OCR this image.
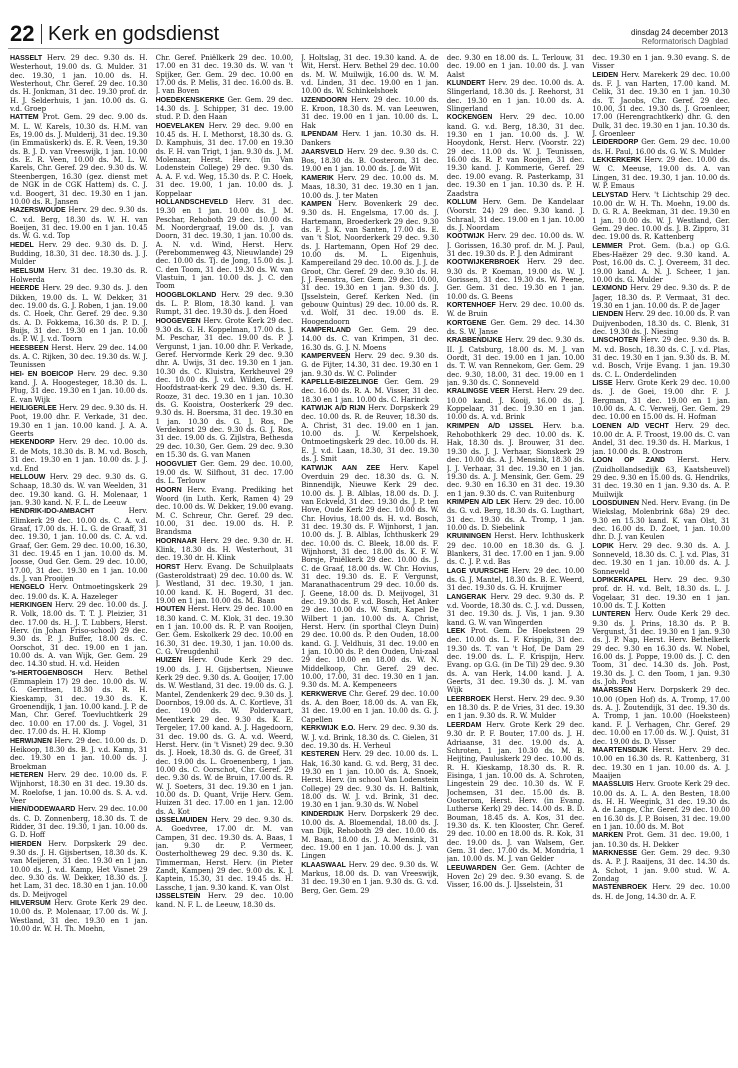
22 Kerk en godsdienst	dinsdag 24 december 2013
Reformatorisch Dagblad

HASSELT Herv. 29 dec. 9.30 ds. H. Westerhout, 19.00 ds. G. Mulder. 31 dec. 19.30, 1 jan. 10.00 ds. H. Westerhout, Chr. Geref. 29 dec. 10.30 ds. H. Jonkman, 31 dec. 19.30 prof. dr. H. J. Selderhuis, 1 jan. 10.00 ds. G. v.d. Groep

HATTEM Prot. Gem. 29 dec. 9.00 ds. M. L. W. Karels, 10.30 ds. H.M. van Es, 19.00 ds. J. Mulderij, 31 dec. 19.30 (in Emmaüskerk) ds. E. R. Veen, 19.30 ds. B. J. D. van Vreeswijk, 1 jan. 10.00 ds. E. R. Veen, 10.00 ds. M. L. W. Karels, Chr. Geref. 29 dec. 9.30 ds. W. Steenbergen, 16.30 (gez. dienst met de NGK in de CGK Hattem) ds. C. J. v.d. Boogert, 31 dec. 19.30 en 1 jan. 10.00 ds. R. Jansen

HAZERSWOUDE Herv. 29 dec. 9.30 ds. C. v.d. Berg, 18.30 ds. W. H. van Boeijen, 31 dec. 19.00 en 1 jan. 10.45 ds. W. G. v.d. Top

HEDEL Herv. 29 dec. 9.30 ds. D. J. Budding, 18.30, 31 dec. 18.30 ds. J. J. Mulder

HEELSUM Herv. 31 dec. 19.30 ds. R. Holwerda

HEERDE Herv. 29 dec. 9.30 ds. J. den Dikken, 19.00 ds. L. W. Dekker, 31 dec. 19.00 ds. G. J. Roben, 1 jan. 19.00 ds. C. Hoek, Chr. Geref. 29 dec. 9.30 ds. A. D. Fokkema, 16.30 ds. P. D. J. Buijs, 31 dec. 19.30 en 1 jan. 10.00 ds. P. W. J. v.d. Toorn

HEESBEEN Herst. Herv. 29 dec. 14.00 ds. A. C. Rijken, 30 dec. 19.30 ds. W. J. Teunissen

HEI- EN BOEICOP Herv. 29 dec. 9.30 kand. J. A. Hoogesteger, 18.30 ds. L. Plug, 31 dec. 19.30 en 1 jan. 10.00 ds. E. van Wijk

HEILIGERLEE Herv. 29 dec. 9.30 ds. H. Poot, 19.00 dhr. F. Verkade, 31 dec. 19.30 en 1 jan. 10.00 kand. J. A. A. Geerts

HEKENDORP Herv. 29 dec. 10.00 ds. E. de Mots, 18.30 ds. B. M. v.d. Bosch, 31 dec. 19.30 en 1 jan. 10.00 ds. J. J. v.d. End

HELLOUW Herv. 29 dec. 9.30 ds. G. Schaap, 18.30 ds. W. van Weelden, 31 dec. 19.30 kand. G. H. Molenaar, 1 jan. 9.30 kand. N. F. L. de Leeuw

HENDRIK-IDO-AMBACHT	Herv. Elimkerk 29 dec. 10.00 ds. C. A. v.d. Graaf, 17.00 ds. H. L. G. de Graaff, 31 dec. 19.30, 1 jan. 10.00 ds. C. A. v.d. Graaf, Ger. Gem. 29 dec. 10.00, 16.30, 31 dec. 19.45 en 1 jan. 10.00 ds. M. Joosse, Oud Ger. Gem. 29 dec. 10.00, 17.00, 31 dec. 19.30 en 1 jan. 10.00 ds. J. van Prooijen

HENGELO Herv. Ontmoetingskerk 29 dec. 19.00 ds. K. A. Hazeleger

HERKINGEN Herv. 29 dec. 10.00 ds. J. R. Volk, 18.00 ds. T. T. J. Pleizier, 31 dec. 17.00 ds. H. J. T. Lubbers, Herst. Herv. (in Johan Friso-school) 29 dec. 9.30 ds. P. J. Buffer, 18.00 ds. C. Oorschot, 31 dec. 19.00 en 1 jan. 10.00 ds. A. van Wijk, Ger. Gem. 29 dec. 14.30 stud. H. v.d. Heiden

's-HERTOGENBOSCH Herv. Bethel (Emmaplein 17) 29 dec. 10.00 ds. W. G. Gerritsen, 18.30 ds. R. H. Kieskamp, 31 dec. 19.30 ds. K. Groenendijk, 1 jan. 10.00 kand. J. P. de Man, Chr. Geref. Toevluchtkerk 29 dec. 10.00 en 17.00 ds. J. Vogel, 31 dec. 17.00 ds. H. H. Klomp

HERWIJNEN Herv. 29 dec. 10.00 ds. D. Heikoop, 18.30 ds. B. J. v.d. Kamp, 31 dec. 19.30 en 1 jan. 10.00 ds. J. Broekman

HETEREN Herv. 29 dec. 10.00 ds. F. Wijnhorst, 18.30 en 31 dec. 19.30 ds. M. Roelofse, 1 jan. 10.00 ds. S. A. v.d. Veer

HIEN/DODEWAARD Herv. 29 dec. 10.00 ds. C. D. Zonnenberg, 18.30 ds. T. de Ridder, 31 dec. 19.30, 1 jan. 10.00 ds. G. D. Hoff

HIERDEN Herv. Dorpskerk 29 dec. 9.30 ds. J. H. Gijsbertsen, 18.30 ds. K. van Meijeren, 31 dec. 19.30 en 1 jan. 10.00 ds. J. v.d. Kamp, Het Visnet 29 dec. 9.30 ds. W. Dekker, 18.30 ds. J. het Lam, 31 dec. 18.30 en 1 jan. 10.00 ds. D. Meijvogel

HILVERSUM Herv. Grote Kerk 29 dec. 10.00 ds. P. Molenaar, 17.00 ds. W. J. Westland, 31 dec. 19.30 en 1 jan. 10.00 dr. W. H. Th. Moehn,

Chr. Geref. Pniëlkerk 29 dec. 10.00, 17.00 en 31 dec. 19.30 ds. W. van 't Spijker, Ger. Gem. 29 dec. 10.00 en 17.00 ds. P. Melis, 31 dec. 16.00 ds. B. J. van Boven

HOEDEKENSKERKE Ger. Gem. 29 dec. 14.30 ds. J. Schipper, 31 dec. 19.00 stud. P. D. den Haan

HOEVELAKEN Herv. 29 dec. 9.00 en 10.45 ds. H. I. Methorst, 18.30 ds. G. D. Kamphuis, 31 dec. 17.00 en 19.30 ds. F. H. van Trigt, 1 jan. 9.30 ds. J. M. Molenaar, Herst. Herv. (in Van Lodenstein College) 29 dec. 9.30 ds. A. A. F. v.d. Weg, 15.30 ds. P. C. Hoek, 31 dec. 19.00, 1 jan. 10.00 ds. J. Koppelaar

HOLLANDSCHEVELD Herv. 31 dec. 19.30 en 1 jan. 10.00 ds. J. M. Peschar, Rehoboth 29 dec. 10.00 ds. M. Noordergraaf, 19.00 ds. J. van Doorn, 31 dec. 19.30, 1 jan. 10.00 ds. A. N. v.d. Wind, Herst. Herv. (Perebommenweg 43, Nieuwlande) 29 dec. 10.00 ds. Tj. de Jong, 15.00 ds. J. C. den Toom, 31 dec. 19.30 ds. W. van Vlastuin, 1 jan. 10.00 ds. J. C. den Toom

HOOGBLOKLAND Herv. 29 dec. 9.30 ds. L. P. Blom, 18.30 kand. J. van Rumpt, 31 dec. 19.30 ds. J. den Hoed

HOOGEVEEN Herv. Grote Kerk 29 dec. 9.30 ds. G. H. Koppelman, 17.00 ds. J. M. Peschar, 31 dec. 19.00 ds. P. J. Vergunst, 1 jan. 10.00 dhr. F. Verkade, Geref. Hervormde Kerk 29 dec. 9.30 dhr. A. Uwijs, 31 dec. 19.30 en 1 jan. 10.30 ds. C. Kluistra, Kerkheuvel 29 dec. 10.00 ds. J. v.d. Wilden, Geref. Hoofdstraat-kerk 29 dec. 9.30 ds. H. Rooze, 31 dec. 19.30 en 1 jan. 10.30 ds. G. Kooistra, Oosterkerk 29 dec. 9.30 ds. H. Boersma, 31 dec. 19.30 en 1 jan. 10.30 ds. G. J. Ros, De Verdekorst 29 dec. 9.30 ds. G. J. Ros, 31 dec. 19.00 ds. G. Zijlstra, Bethesda 29 dec. 10.30, Ger. Gem. 29 dec. 9.30 en 15.30 ds. G. van Manen

HOOGVLIET Ger. Gem. 29 dec. 10.00, 19.00 ds. W. Silfhout, 31 dec. 17.00 ds. L. Terlouw

HOORN Herv. Evang. Prediking het Woord (in Luth. Kerk, Ramen 4) 29 dec. 10.00 ds. W. Dekker, 19.00 evang. M. C. Schreur, Chr. Geref. 29 dec. 10.00, 31 dec. 19.00 ds. H. P. Brandsma

HOORNAAR Herv. 29 dec. 9.30 dr. H. Klink, 18.30 ds. H. Westerhout, 31 dec. 19.30 dr. H. Klink

HORST Herv. Evang. De Schuilplaats (Gasteroldstraat) 29 dec. 10.00 ds. W. J. Westland, 31 dec. 19.30, 1 jan. 10.00 kand. K. H. Bogerd, 31 dec. 19.00 en 1 jan. 10.00 ds. M. Baan

HOUTEN Herst. Herv. 29 dec. 10.00 en 18.30 kand. C. M. Klok, 31 dec. 19.30 en 1 jan. 10.00 ds. R. P. van Rooijen, Ger. Gem. Eskolkerk 29 dec. 10.00 en 16.30, 31 dec. 19.30, 1 jan. 10.00 ds. C. G. Vreugdenhil

HUIZEN Herv. Oude Kerk 29 dec. 19.00 ds. J. H. Gijsbertsen, Nieuwe Kerk 29 dec. 9.30 ds. A. Gooijer, 17.00 ds. W. Westland, 31 dec. 19.00 ds. G. J. Mantel, Zendenkerk 29 dec. 9.30 ds. J. Doornbos, 19.00 ds. A. C. Kortleve, 31 dec. 19.00 ds. W. Poldervaart, Meentkerk 29 dec. 9.30 ds. K. E. Tergeler, 17.00 kand. A. J. Hagedoorn, 31 dec. 19.00 ds. G. A. v.d. Weerd, Herst. Herv. (in 't Visnet) 29 dec. 9.30 ds. J. Hoek, 18.30 ds. G. de Greef, 31 dec. 19.00 ds. L. Groenenberg, 1 jan. 10.00 ds. C. Oorschot, Chr. Geref. 29 dec. 9.30 ds. W. de Bruin, 17.00 ds. R. W. J. Soeters, 31 dec. 19.30 en 1 jan. 10.00 ds. D. Quant, Vrije Herv. Gem. Huizen 31 dec. 17.00 en 1 jan. 12.00 ds. A. Kot

IJSSELMUIDEN Herv. 29 dec. 9.30 ds. A. Goedvree, 17.00 dr. M. van Campen, 31 dec. 19.30 ds. A. Baas, 1 jan. 9.30 dr. P. Vermeer, Oosterholtheweg 29 dec. 9.30 ds. K. Timmerman, Herst. Herv. (in Pieter Zandt, Kampen) 29 dec. 9.00 ds. K. J. Kaptein, 15.30, 31 dec. 19.45 ds. H. Lassche, 1 jan. 9.30 kand. K. van Olst

IJSSELSTEIN Herv. 29 dec. 10.00 kand. N. F. L. de Leeuw, 18.30 ds.

J. Holtslag, 31 dec. 19.30 kand. A. de Wit, Herst. Herv. Bethel 29 dec. 10.00 ds. M. W. Muilwijk, 16.00 ds. W. M. v.d. Linden, 31 dec. 19.00 en 1 jan. 10.00 ds. W. Schinkelshoek

IJZENDOORN Herv. 29 dec. 10.00 ds. E. Kroon, 18.30 ds. M. van Leeuwen, 31 dec. 19.00 en 1 jan. 10.00 ds. L. Hak

ILPENDAM Herv. 1 jan. 10.30 ds. H. Dankers

JAARSVELD Herv. 29 dec. 9.30 ds. C. Bos, 18.30 ds. B. Oosterom, 31 dec. 19.00 en 1 jan. 10.00 ds. J. de Wit

KAMERIK Herv. 29 dec. 10.00 ds. M. Maas, 18.30, 31 dec. 19.30 en 1 jan. 10.00 ds. J. ter Maten

KAMPEN Herv. Bovenkerk 29 dec. 9.30 ds. H. Engelsma, 17.00 ds. J. Hartemann, Broederkerk 29 dec. 9.30 ds. F. J. K. van Santen, 17.00 ds. E. van 't Slot, Noorderkerk 29 dec. 9.30 ds. J. Hartemann, Open Hof 29 dec. 10.00 ds. M. L. Eigenhuis, Kampereiland 29 dec. 10.00 ds. J. J. de Groot, Chr. Geref. 29 dec. 9.30 ds. H. J. J. Feenstra, Ger. Gem. 29 dec. 10.00, 31 dec. 19.30 en 1 jan. 9.30 ds. J. IJsselstein, Geref. Kerken Ned. (in gebouw Quintus) 29 dec. 10.00 ds. R. v.d. Wolf, 31 dec. 19.00 ds. E. Hoogendoorn

KAMPERLAND Ger. Gem. 29 dec. 14.00 ds. C. van Krimpen, 31 dec. 16.30 ds. G. J. N. Moens

KAMPERVEEN Herv. 29 dec. 9.30 ds. G. de Fijter, 14.30, 31 dec. 19.30 en 1 jan. 9.30 ds. W. C. Polinder

KAPELLE-BIEZELINGE Ger. Gem. 29 dec. 16.00 ds. R. A. M. Visser, 31 dec. 18.30 en 1 jan. 10.00 ds. C. Harinck

KATWIJK A/D RIJN Herv. Dorpskerk 29 dec. 10.00 ds. R. de Reuver, 18.30 ds. A. Christ, 31 dec. 19.00 en 1 jan. 10.00 ds. J. W. Kerpelshoek, Ontmoetingskerk 29 dec. 10.00 ds. H. E. J. v.d. Laan, 18.30, 31 dec. 19.30 ds. J. Smit

KATWIJK AAN ZEE Herv. Kapel Overduin 29 dec. 18.30 ds. G. N. Binnendijk, Nieuwe Kerk 29 dec. 10.00 ds. J. B. Alblas, 18.00 ds. D. J. van Eckveld, 31 dec. 19.30 ds. J. P. ten Hove, Oude Kerk 29 dec. 10.00 ds. W. Chr. Hovius, 18.00 ds. H. v.d. Bosch, 31 dec. 19.30 ds. F. Wijnhorst, 1 jan. 10.00 ds. J. B. Alblas, Ichthuskerk 29 dec. 10.00 ds. C. Bleek, 18.00 ds. F. Wijnhorst, 31 dec. 18.00 ds. K. F. W. Borsje, Pniëlkerk 29 dec. 10.00 ds. J. C. de Graaf, 18.00 ds. W. Chr. Hovius, 31 dec. 19.30 ds. E. F. Vergunst, Maranathacentrum 29 dec. 10.00 ds. J. Geene, 18.00 ds. D. Meijvogel, 31 dec. 19.30 ds. F. v.d. Bosch, Het Anker 29 dec. 10.00 ds. W. Smit, Kapel De Wilbert 1 jan. 10.00 ds. A. Christ, Herst. Herv. (in sporthal Cleyn Duin) 29 dec. 10.00 ds. P. den Ouden, 18.00 kand. G. J. Veldhuis, 31 dec. 19.00 en 1 jan. 10.00 ds. P. den Ouden, Uni-zaal 29 dec. 10.00 en 18.00 ds. W. N. Middelkoop, Chr. Geref. 29 dec. 10.00, 17.00, 31 dec. 19.30 en 1 jan. 9.30 ds. M. A. Kempeneers

KERKWERVE Chr. Geref. 29 dec. 10.00 ds. A. den Boer, 18.00 ds. A. van Ek, 31 dec. 19.00 en 1 jan. 10.00 ds. G. J. Capellen

KERKWIJK E.O. Herv. 29 dec. 9.30 ds. W. J. v.d. Brink, 18.30 ds. C. Gielen, 31 dec. 19.30 ds. H. Verheul

KESTEREN Herv. 29 dec. 10.00 ds. L. Hak, 16.30 kand. G. v.d. Berg, 31 dec. 19.30 en 1 jan. 10.00 ds. A. Snoek, Herst. Herv. (in school Van Lodenstein College) 29 dec. 9.30 ds. H. Baltink, 18.00 ds. W. J. v.d. Brink, 31 dec. 19.30 en 1 jan. 9.30 ds. W. Nobel

KINDERDIJK Herv. Dorpskerk 29 dec. 10.00 ds. A. Bloemendal, 18.00 ds. J. van Dijk, Rehoboth 29 dec. 10.00 ds. M. Baan, 18.00 ds. J. A. Mensink, 31 dec. 19.00 en 1 jan. 10.00 ds. J. van Lingen

KLAASWAAL Herv. 29 dec. 9.30 ds. W. Markus, 18.00 ds. D. van Vreeswijk, 31 dec. 19.30 en 1 jan. 9.30 ds. G. v.d. Berg, Ger. Gem. 29

dec. 9.30 en 18.00 ds. L. Terlouw, 31 dec. 19.00 en 1 jan. 10.00 ds. J. van Aalst

KLUNDERT Herv. 29 dec. 10.00 ds. A. Slingerland, 18.30 ds. J. Reehorst, 31 dec. 19.30 en 1 jan. 10.00 ds. A. Slingerland

KOCKENGEN Herv. 29 dec. 10.00 kand. G. v.d. Berg, 18.30, 31 dec. 19.30 en 1 jan. 10.00 ds. J. W. Hooydonk, Herst. Herv. (Voorstr. 22) 29 dec. 11.00 ds. W. J. Teunissen, 16.00 ds. R. P. van Rooijen, 31 dec. 19.30 kand. J. Kommerie, Geref. 29 dec. 19.00 evang. R. Pasterkamp, 31 dec. 19.30 en 1 jan. 10.30 ds. P. H. Zaadstra

KOLLUM Herv. Gem. De Kandelaar (Voorstr. 24) 29 dec. 9.30 kand. J. Schraal, 31 dec. 19.00 en 1 jan. 10.00 ds. J. Noordam

KOOTWIJK Herv. 29 dec. 10.00 ds. W. J. Gorissen, 16.30 prof. dr. M. J. Paul, 31 dec. 19.30 ds. P. J. den Admirant

KOOTWIJKERBROEK Herv. 29 dec. 9.30 ds. P. Koeman, 19.00 ds. W. J. Gorissen, 31 dec. 19.30 ds. W. Peene, Ger. Gem. 31 dec. 19.30 en 1 jan. 10.00 ds. G. Beens

KORTENHOEF Herv. 29 dec. 10.00 ds. W. de Bruin

KORTGENE Ger. Gem. 29 dec. 14.30 ds. S. W. Janse

KRABBENDIJKE Herv. 29 dec. 9.30 ds. II. J. Catsburg, 18.00 ds. M. J. van Oordt, 31 dec. 19.00 en 1 jan. 10.00 ds. T. W. van Rennekom, Ger. Gem. 29 dec. 9.30, 18.00, 31 dec. 19.00 en 1 jan. 9.30 ds. C. Sonneveld

KRALINGSE VEER Herst. Herv. 29 dec. 10.00 kand. J. Kooij, 16.00 ds. J. Koppelaar, 31 dec. 19.30 en 1 jan. 10.00 ds. A. v.d. Brink

KRIMPEN A/D IJSSEL Herv. b.a. Rehobothkerk 29 dec. 10.00 ds. K. Hak, 18.30 ds. J. Brouwer, 31 dec. 19.30 ds. J. J. Verhaar, Sionskerk 29 dec. 10.00 ds. A. J. Mensink, 18.30 ds. J. J. Verhaar, 31 dec. 19.30 en 1 jan. 19.30 ds. A. J. Mensink, Ger. Gem. 29 dec. 9.30 en 16.30 en 31 dec. 19.30 en 1 jan. 9.30 ds. C. van Ruitenburg

KRIMPEN A/D LEK Herv. 29 dec. 10.00 ds. G. v.d. Berg, 18.30 ds. G. Lugthart, 31 dec. 19.30 ds. A. Tromp, 1 jan. 10.00 ds. D. Siebelink

KRUININGEN Herst. Herv. Ichthuskerk 29 dec. 10.00 en 18.30 ds. G. J. Blankers, 31 dec. 17.00 en 1 jan. 9.00 ds. C. J. P. v.d. Bas

LAGE VUURSCHE Herv. 29 dec. 10.00 ds. G. J. Mantel, 18.30 ds. B. E. Weerd, 31 dec. 19.30 ds. G. H. Kruijmer

LANGERAK Herv. 29 dec. 9.30 ds. P. v.d. Voorde, 18.30 ds. C. J. v.d. Dussen, 31 dec. 19.30 ds. J. Vis, 1 jan. 9.30 kand. G. W. van Wingerden

LEEK Prot. Gem. De Hoeksteen 29 dec. 10.00 ds. L. F. Krispijn, 31 dec. 19.30 ds. T. van 't Hof, De Dam 29 dec. 19.00 ds. L. F. Krispijn, Herv. Evang. op G.G. (in De Til) 29 dec. 9.30 ds. A. van Herk, 14.00 kand. J. A. Geerts, 31 dec. 19.30 ds. J. M. van Wijk

LEERBROEK Herst. Herv. 29 dec. 9.30 en 18.30 ds. P. de Vries, 31 dec. 19.30 en 1 jan. 9.30 ds. R. W. Mulder

LEERDAM Herv. Grote Kerk 29 dec. 9.30 dr. P. F. Bouter, 17.00 ds. J. H. Adriaanse, 31 dec. 19.00 ds. A. Schroten, 1 jan. 10.30 ds. M. B. Heijting, Pauluskerk 29 dec. 10.00 ds. R. H. Kieskamp, 18.30 ds. R. R. Eisinga, 1 jan. 10.00 ds. A. Schroten, Lingestein 29 dec. 10.30 ds. W. F. Jochemsen, 31 dec. 15.00 ds. B. Oosterom, Herst. Herv. (in Evang. Lutherse Kerk) 29 dec. 14.00 ds. B. D. Bouman, 18.45 ds. A. Kos, 31 dec. 19.30 ds. K. ten Klooster, Chr. Geref. 29 dec. 10.00 en 18.00 ds. R. Kok, 31 dec. 19.00 ds. J. van Walsem, Ger. Gem. 31 dec. 17.00 ds. M. Mondria, 1 jan. 10.00 ds. M. J. van Gelder

LEEUWARDEN Ger. Gem. (Achter de Hoven 2c) 29 dec. 9.30 evang. S. de Visser, 16.00 ds. J. IJsselstein, 31

dec. 19.30 en 1 jan. 9.30 evang. S. de Visser

LEIDEN Herv. Marekerk 29 dec. 10.00 ds. F. J. van Harten, 17.00 kand. M. Celik, 31 dec. 19.30 en 1 jan. 10.30 ds. T. Jacobs, Chr. Geref. 29 dec. 10.00, 31 dec. 19.30 ds. J. Groenleer, 17.00 (Herengrachtkerk) dhr. G. den Dulk, 31 dec. 19.30 en 1 jan. 10.30 ds. J. Groenleer

LEIDERDORP Ger. Gem. 29 dec. 10.00 ds. H. Paul, 16.00 ds. G. W. S. Mulder

LEKKERKERK Herv. 29 dec. 10.00 ds. W. C. Meeuse, 19.00 ds. A. van Lingen, 31 dec. 19.30, 1 jan. 10.00 ds. W. P. Emaus

LELYSTAD Herv. 't Lichtschip 29 dec. 10.00 dr. W. H. Th. Moehn, 19.00 ds. D. G. R. A. Beekman, 31 dec. 19.30 en 1 jan. 10.00 ds. W. J. Westland, Ger. Gem. 29 dec. 10.00 ds. J. B. Zippro, 31 dec. 19.00 ds. R. Kattenberg

LEMMER Prot. Gem. (b.a.) op G.G. Ebes-Haëzer 29 dec. 9.30 kand. A. Post, 16.00 ds. C. J. Overeem, 31 dec. 19.00 kand. A. N. J. Scheer, 1 jan. 10.00 ds. G. Mulder

LEXMOND Herv. 29 dec. 9.30 ds. P. de Jager, 18.30 ds. P. Vermaat, 31 dec. 19.30 en 1 jan. 10.00 ds. P. de Jager

LIENDEN Herv. 29 dec. 10.00 ds. P. van Duijvenboden, 18.30 ds. C. Blenk, 31 dec. 19.30 ds. J. Niesing

LINSCHOTEN Herv. 29 dec. 9.30 ds. B. M. v.d. Bosch, 18.30 ds. C. J. v.d. Plas, 31 dec. 19.30 en 1 jan. 9.30 ds. B. M. v.d. Bosch, Vrije Evang. 1 jan. 19.30 ds. C. L. Onderdelinden

LISSE Herv. Grote Kerk 29 dec. 10.00 ds. J. de Goei, 19.00 dhr. F. J. Bergman, 31 dec. 19.00 en 1 jan. 10.00 ds. A. C. Verweij, Ger. Gem. 29 dec. 10.00 en 15.00 ds. H. Hofman

LOENEN A/D VECHT Herv. 29 dec. 10.00 dr. A. F. Troost, 19.00 ds. C. van Andel, 31 dec. 19.30 ds. H. Markus, 1 jan. 10.00 ds. B. Oostrom

LOON OP ZAND Herst. Herv. (Zuidhollandsedijk 63, Kaatsheuvel) 29 dec. 9.30 en 15.00 ds. G. Hendriks, 31 dec. 19.30 en 1 jan. 9.30 ds. A. P. Muilwijk

LOOSDUINEN Ned. Herv. Evang. (in De Wiekslag, Molenbrink 68a) 29 dec. 9.30 en 15.30 kand. K. van Olst, 31 dec. 16.00 ds. D. Zoet, 1 jan. 10.00 dhr. D. J. van Keulen

LOPIK Herv. 29 dec. 9.30 ds. A. J. Sonneveld, 18.30 ds. C. J. v.d. Plas, 31 dec. 19.30 en 1 jan. 10.00 ds. A. J. Sonneveld

LOPIKERKAPEL Herv. 29 dec. 9.30 prof. dr. H. v.d. Belt, 18.30 ds. L. J. Vogelaar, 31 dec. 19.30 en 1 jan. 10.00 ds. T. J. Kotten

LUNTEREN Herv. Oude Kerk 29 dec. 9.30 ds. J. Prins, 18.30 ds. P. B. Vergunst, 31 dec. 19.30 en 1 jan. 9.30 ds. J. P. Nap, Herst. Herv. Bethelkerk 29 dec. 9.30 en 16.30 ds. W. Nobel, 16.00 ds. J. Poppe, 19.00 ds. J. C. den Toom, 31 dec. 14.30 ds. Joh. Post, 19.30 ds. J. C. den Toom, 1 jan. 9.30 ds. Joh. Post

MAARSSEN Herv. Dorpskerk 29 dec. 10.00 (Open Hof) ds. A. Tromp, 17.00 ds. A. J. Zoutendijk, 31 dec. 19.30 ds. A. Tromp, 1 jan. 10.00 (Hoeksteen) kand. F. J. Verhagen, Chr. Geref. 29 dec. 10.00 en 17.00 ds. W. J. Quist, 31 dec. 19.00 ds. D. Visser

MAARTENSDIJK Herst. Herv. 29 dec. 10.00 en 16.30 ds. R. Kattenberg, 31 dec. 19.30 en 1 jan. 10.00 ds. A. J. Maaijen

MAASSLUIS Herv. Groote Kerk 29 dec. 10.00 ds. A. L. A. den Besten, 18.00 ds. H. H. Weegink, 31 dec. 19.30 ds. A. de Lange, Chr. Geref. 29 dec. 10.00 en 16.30 ds. J. P. Boisen, 31 dec. 19.00 en 1 jan. 10.00 ds. M. Bot

MARKEN Prot. Gem. 31 dec. 19.00, 1 jan. 10.30 ds. H. Dekker

MARKNESSE Ger. Gem. 29 dec. 9.30 ds. A. P. J. Raaijens, 31 dec. 14.30 ds. A. Schot, 1 jan. 9.00 stud. W. A. Zondag

MASTENBROEK Herv. 29 dec. 10.00 ds. H. de Jong, 14.30 dr. A. F.
